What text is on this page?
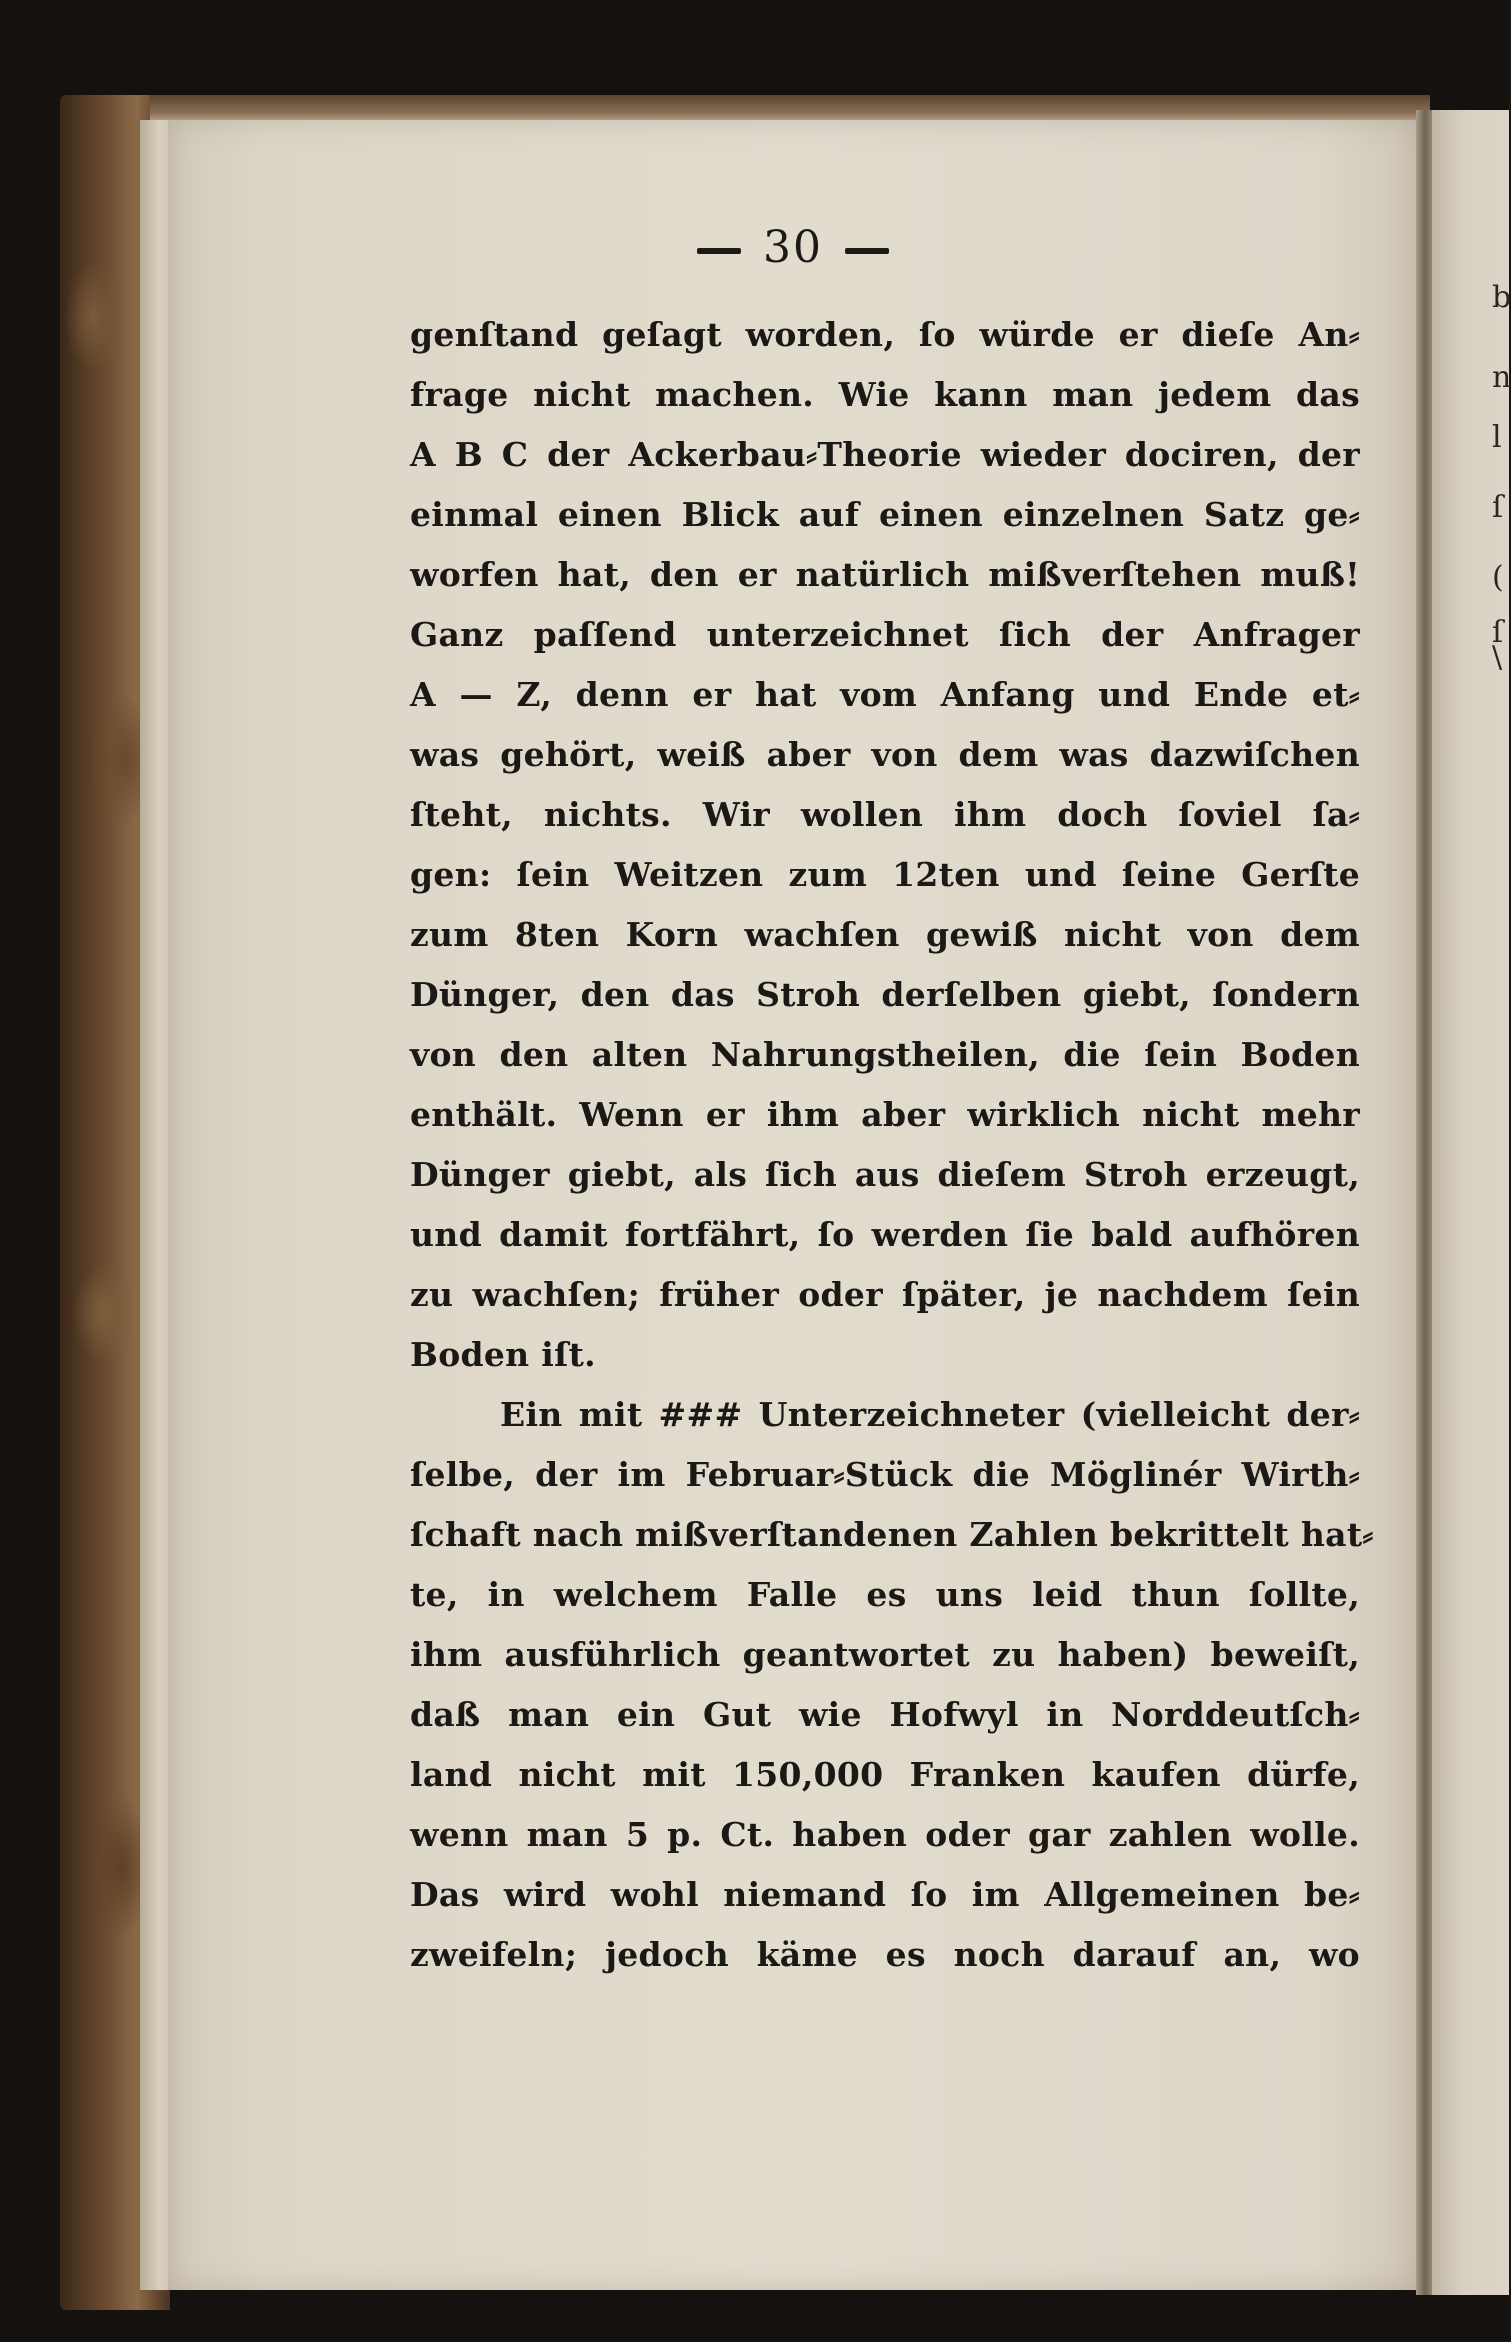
30
genſtand geſagt worden, ſo würde er dieſe An⸗
frage nicht machen. Wie kann man jedem das
A B C der Ackerbau⸗Theorie wieder dociren, der
einmal einen Blick auf einen einzelnen Satz ge⸗
worfen hat, den er natürlich mißverſtehen muß!
Ganz paſſend unterzeichnet ſich der Anfrager
A — Z, denn er hat vom Anfang und Ende et⸗
was gehört, weiß aber von dem was dazwiſchen
ſteht, nichts. Wir wollen ihm doch ſoviel ſa⸗
gen: ſein Weitzen zum 12ten und ſeine Gerſte
zum 8ten Korn wachſen gewiß nicht von dem
Dünger, den das Stroh derſelben giebt, ſondern
von den alten Nahrungstheilen, die ſein Boden
enthält. Wenn er ihm aber wirklich nicht mehr
Dünger giebt, als ſich aus dieſem Stroh erzeugt,
und damit fortfährt, ſo werden ſie bald aufhören
zu wachſen; früher oder ſpäter, je nachdem ſein
Boden iſt.
Ein mit ### Unterzeichneter (vielleicht der⸗
ſelbe, der im Februar⸗Stück die Möglinér Wirth⸗
ſchaft nach mißverſtandenen Zahlen bekrittelt hat⸗
te, in welchem Falle es uns leid thun ſollte,
ihm ausführlich geantwortet zu haben) beweiſt,
daß man ein Gut wie Hofwyl in Norddeutſch⸗
land nicht mit 150,000 Franken kaufen dürfe,
wenn man 5 p. Ct. haben oder gar zahlen wolle.
Das wird wohl niemand ſo im Allgemeinen be⸗
zweifeln; jedoch käme es noch darauf an, wo
b
n
l
ſ
(
ſ
\
